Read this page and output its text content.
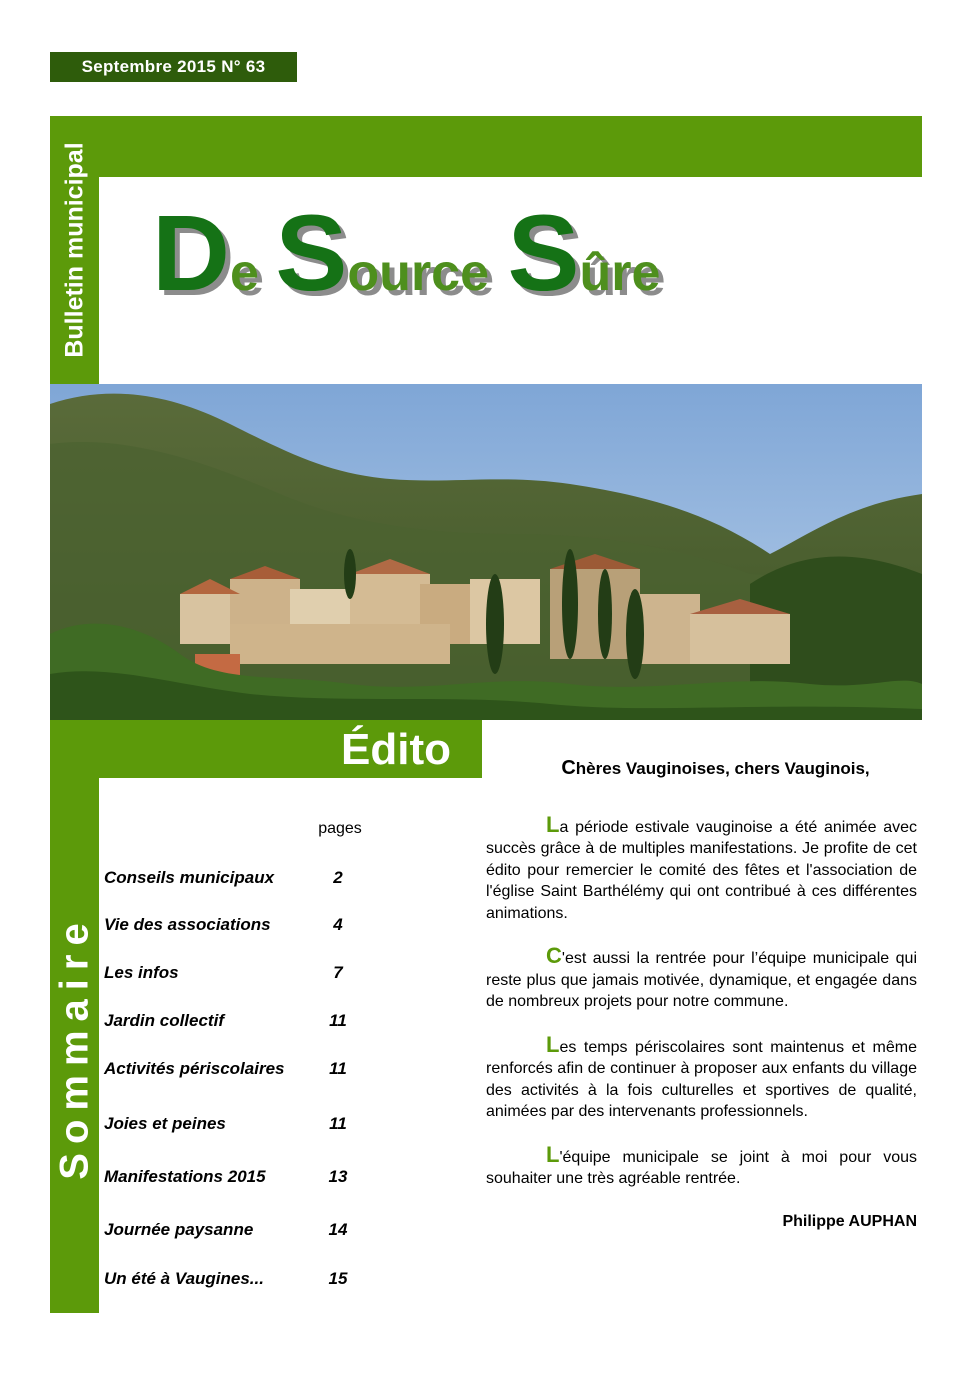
Septembre 2015 N° 63
Bulletin municipal De Source Sûre
Édito
Sommaire
pages
Conseils municipaux	2
Vie des associations	4
Les infos	7
Jardin collectif	11
Activités périscolaires	11
Joies et peines	11
Manifestations 2015	13
Journée paysanne	14
Un été à Vaugines...	15

Chères Vauginoises, chers Vauginois,

La période estivale vauginoise a été animée avec succès grâce à de multiples manifestations. Je profite de cet édito pour remercier le comité des fêtes et l'association de l'église Saint Barthélémy qui ont contribué à ces différentes animations.

C'est aussi la rentrée pour l’équipe municipale qui reste plus que jamais motivée, dynamique, et engagée dans de nombreux projets pour notre commune.

Les temps périscolaires sont maintenus et même renforcés afin de continuer à proposer aux enfants du village des activités à la fois culturelles et sportives de qualité, animées par des intervenants professionnels.

L'équipe municipale se joint à moi pour vous souhaiter une très agréable rentrée.

Philippe AUPHAN
